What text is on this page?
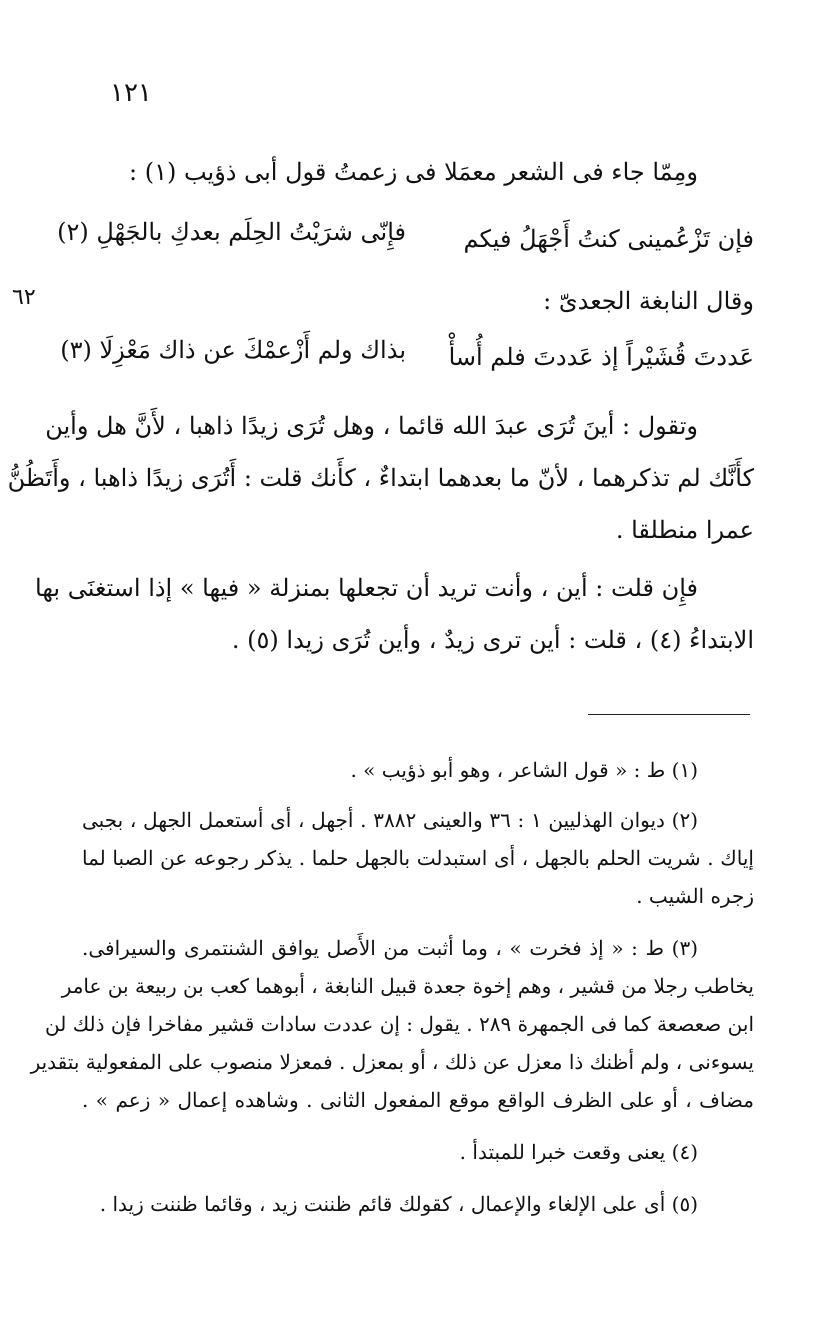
١٢١
٦٢
ومِمّا جاء فى الشعر معمَلا فى زعمتُ قول أبى ذؤيب (١) :
فإن تَزْعُمينى كنتُ أَجْهَلُ فيكم
فإِنّى شرَيْتُ الحِلَم بعدكِ بالجَهْلِ (٢)
وقال النابغة الجعدىّ :
عَددتَ قُشَيْراً إذ عَددتَ فلم أُسأْ
بذاك ولم أَزْعمْكَ عن ذاك مَعْزِلَا (٣)
وتقول : أينَ تُرَى عبدَ الله قائما ، وهل تُرَى زيدًا ذاهبا ، لأَنَّ هل وأين
كأَنَّك لم تذكرهما ، لأنّ ما بعدهما ابتداءٌ ، كأَنك قلت : أَتُرَى زيدًا ذاهبا ، وأَتَظُنُّ
عمرا منطلقا .
فإِن قلت : أين ، وأنت تريد أن تجعلها بمنزلة « فيها » إذا استغنَى بها
الابتداءُ (٤) ، قلت : أين ترى زيدٌ ، وأين تُرَى زيدا (٥) .
(١) ط : « قول الشاعر ، وهو أبو ذؤيب » .
(٢) ديوان الهذليين ١ : ٣٦ والعينى ٣٨٨٢ . أجهل ، أى أستعمل الجهل ، بجبى
إياك . شريت الحلم بالجهل ، أى استبدلت بالجهل حلما . يذكر رجوعه عن الصبا لما
زجره الشيب .
(٣) ط : « إذ فخرت » ، وما أثبت من الأَصل يوافق الشنتمرى والسيرافى.
يخاطب رجلا من قشير ، وهم إخوة جعدة قبيل النابغة ، أبوهما كعب بن ربيعة بن عامر
ابن صعصعة كما فى الجمهرة ٢٨٩ . يقول : إن عددت سادات قشير مفاخرا فإن ذلك لن
يسوءنى ، ولم أظنك ذا معزل عن ذلك ، أو بمعزل . فمعزلا منصوب على المفعولية بتقدير
مضاف ، أو على الظرف الواقع موقع المفعول الثانى . وشاهده إعمال « زعم » .
(٤) يعنى وقعت خبرا للمبتدأ .
(٥) أى على الإلغاء والإعمال ، كقولك قائم ظننت زيد ، وقائما ظننت زيدا .
